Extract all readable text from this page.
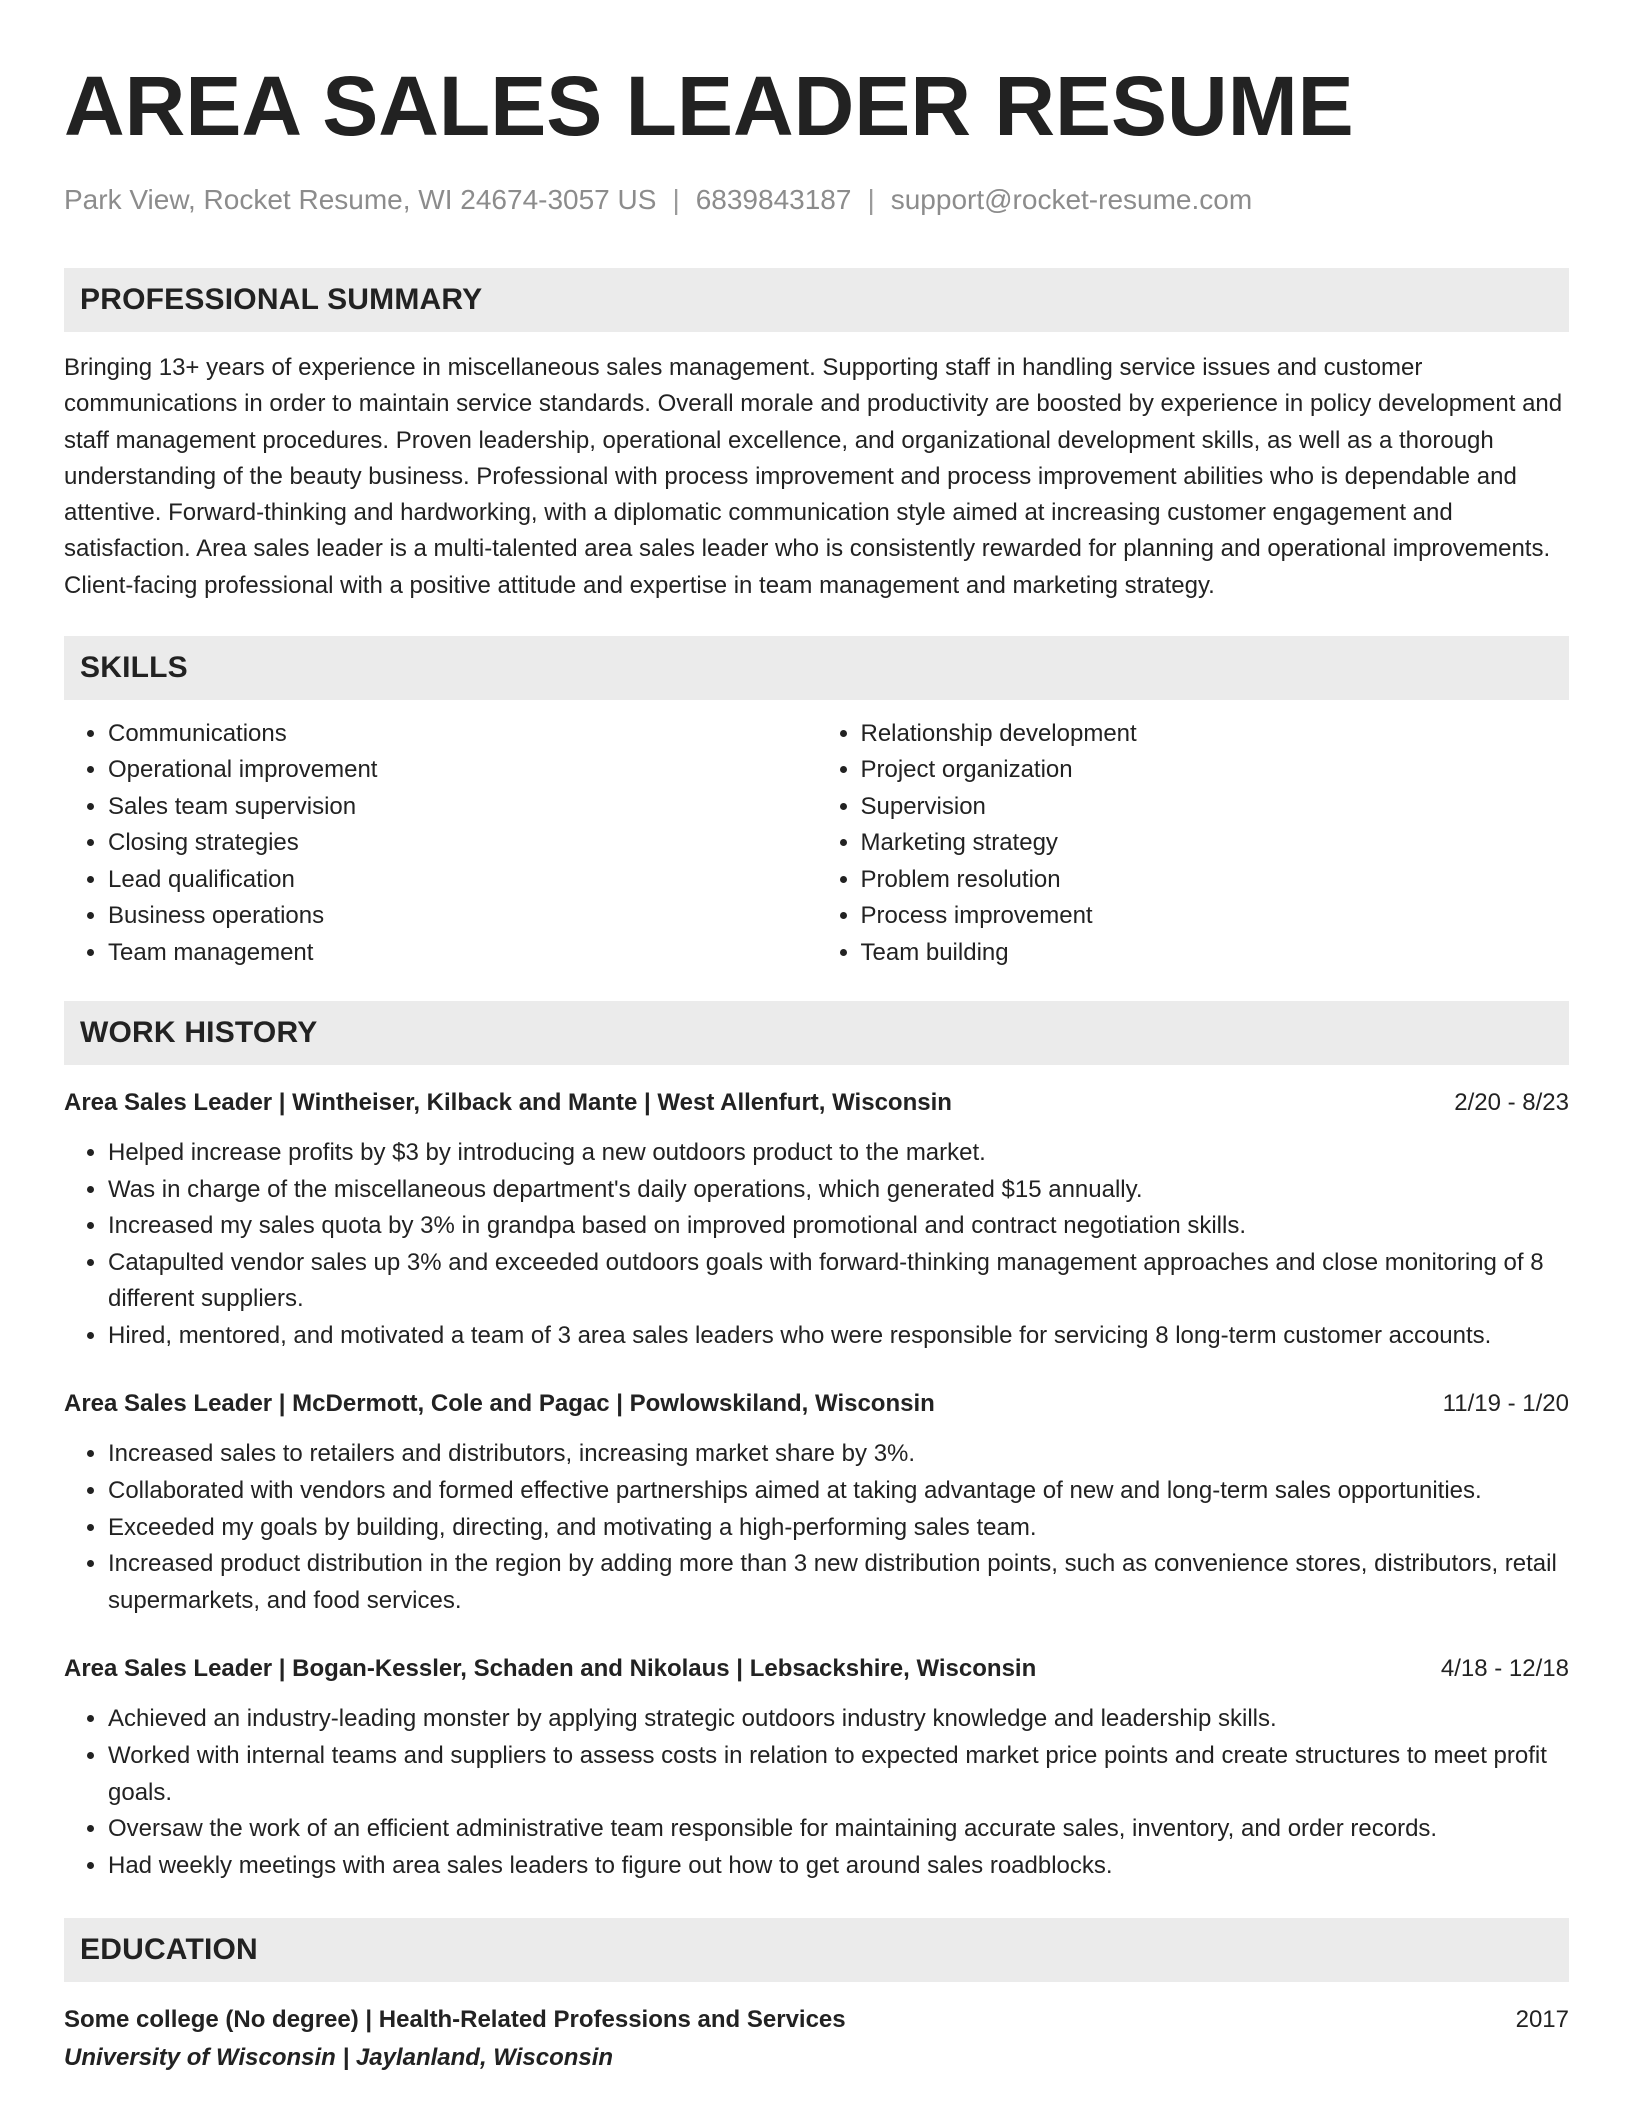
AREA SALES LEADER RESUME
Park View, Rocket Resume, WI 24674-3057 US | 6839843187 | support@rocket-resume.com
PROFESSIONAL SUMMARY

Bringing 13+ years of experience in miscellaneous sales management. Supporting staff in handling service issues and customer communications in order to maintain service standards. Overall morale and productivity are boosted by experience in policy development and staff management procedures. Proven leadership, operational excellence, and organizational development skills, as well as a thorough understanding of the beauty business. Professional with process improvement and process improvement abilities who is dependable and attentive. Forward-thinking and hardworking, with a diplomatic communication style aimed at increasing customer engagement and satisfaction. Area sales leader is a multi-talented area sales leader who is consistently rewarded for planning and operational improvements. Client-facing professional with a positive attitude and expertise in team management and marketing strategy.

SKILLS
• Communications
• Operational improvement
• Sales team supervision
• Closing strategies
• Lead qualification
• Business operations
• Team management
• Relationship development
• Project organization
• Supervision
• Marketing strategy
• Problem resolution
• Process improvement
• Team building
WORK HISTORY
Area Sales Leader | Wintheiser, Kilback and Mante | West Allenfurt, Wisconsin	2/20 - 8/23
• Helped increase profits by $3 by introducing a new outdoors product to the market.
• Was in charge of the miscellaneous department's daily operations, which generated $15 annually.
• Increased my sales quota by 3% in grandpa based on improved promotional and contract negotiation skills.
• Catapulted vendor sales up 3% and exceeded outdoors goals with forward-thinking management approaches and close monitoring of 8 different suppliers.
• Hired, mentored, and motivated a team of 3 area sales leaders who were responsible for servicing 8 long-term customer accounts.
Area Sales Leader | McDermott, Cole and Pagac | Powlowskiland, Wisconsin	11/19 - 1/20
• Increased sales to retailers and distributors, increasing market share by 3%.
• Collaborated with vendors and formed effective partnerships aimed at taking advantage of new and long-term sales opportunities.
• Exceeded my goals by building, directing, and motivating a high-performing sales team.
• Increased product distribution in the region by adding more than 3 new distribution points, such as convenience stores, distributors, retail supermarkets, and food services.
Area Sales Leader | Bogan-Kessler, Schaden and Nikolaus | Lebsackshire, Wisconsin	4/18 - 12/18
• Achieved an industry-leading monster by applying strategic outdoors industry knowledge and leadership skills.
• Worked with internal teams and suppliers to assess costs in relation to expected market price points and create structures to meet profit goals.
• Oversaw the work of an efficient administrative team responsible for maintaining accurate sales, inventory, and order records.
• Had weekly meetings with area sales leaders to figure out how to get around sales roadblocks.
EDUCATION
Some college (No degree) | Health-Related Professions and Services	2017
University of Wisconsin | Jaylanland, Wisconsin
